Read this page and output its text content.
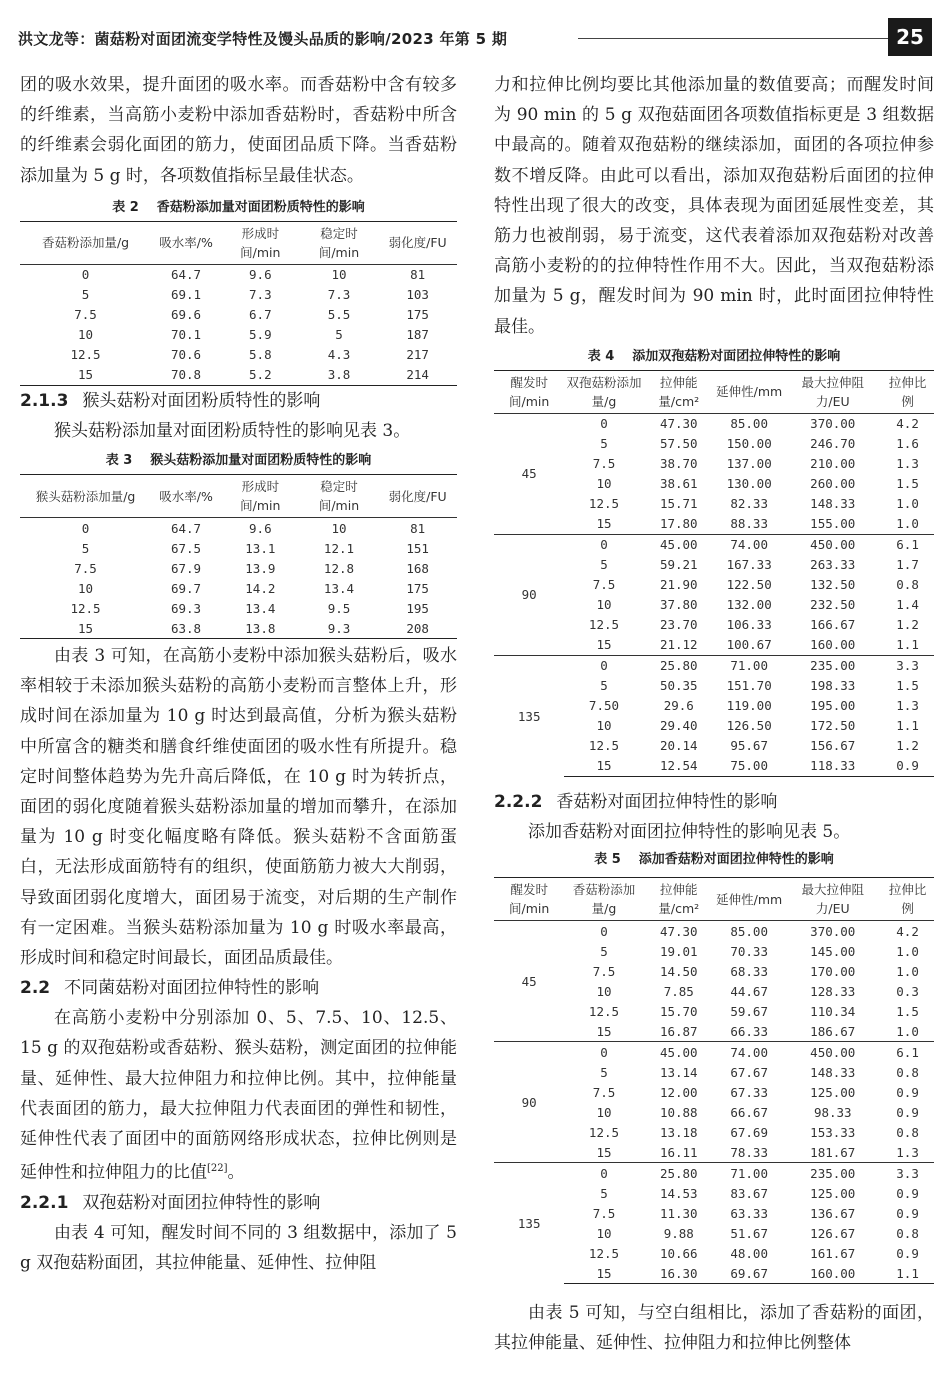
洪文龙等：菌菇粉对面团流变学特性及馒头品质的影响/2023 年第 5 期	25

团的吸水效果，提升面团的吸水率。而香菇粉中含有较多的纤维素，当高筋小麦粉中添加香菇粉时，香菇粉中所含的纤维素会弱化面团的筋力，使面团品质下降。当香菇粉添加量为 5 g 时，各项数值指标呈最佳状态。

表 2 香菇粉添加量对面团粉质特性的影响

香菇粉添加量/g	吸水率/%	形成时间/min	稳定时间/min	弱化度/FU
0	64.7	9.6	10	81
5	69.1	7.3	7.3	103
7.5	69.6	6.7	5.5	175
10	70.1	5.9	5	187
12.5	70.6	5.8	4.3	217
15	70.8	5.2	3.8	214

2.1.3 猴头菇粉对面团粉质特性的影响

猴头菇粉添加量对面团粉质特性的影响见表 3。

表 3 猴头菇粉添加量对面团粉质特性的影响

猴头菇粉添加量/g	吸水率/%	形成时间/min	稳定时间/min	弱化度/FU
0	64.7	9.6	10	81
5	67.5	13.1	12.1	151
7.5	67.9	13.9	12.8	168
10	69.7	14.2	13.4	175
12.5	69.3	13.4	9.5	195
15	63.8	13.8	9.3	208

由表 3 可知，在高筋小麦粉中添加猴头菇粉后，吸水率相较于未添加猴头菇粉的高筋小麦粉而言整体上升，形成时间在添加量为 10 g 时达到最高值，分析为猴头菇粉中所富含的糖类和膳食纤维使面团的吸水性有所提升。稳定时间整体趋势为先升高后降低，在 10 g 时为转折点，面团的弱化度随着猴头菇粉添加量的增加而攀升，在添加量为 10 g 时变化幅度略有降低。猴头菇粉不含面筋蛋白，无法形成面筋特有的组织，使面筋筋力被大大削弱，导致面团弱化度增大，面团易于流变，对后期的生产制作有一定困难。当猴头菇粉添加量为 10 g 时吸水率最高，形成时间和稳定时间最长，面团品质最佳。

2.2 不同菌菇粉对面团拉伸特性的影响

在高筋小麦粉中分别添加 0、5、7.5、10、12.5、15 g 的双孢菇粉或香菇粉、猴头菇粉，测定面团的拉伸能量、延伸性、最大拉伸阻力和拉伸比例。其中，拉伸能量代表面团的筋力，最大拉伸阻力代表面团的弹性和韧性，延伸性代表了面团中的面筋网络形成状态，拉伸比例则是延伸性和拉伸阻力的比值[22]。

2.2.1 双孢菇粉对面团拉伸特性的影响

由表 4 可知，醒发时间不同的 3 组数据中，添加了 5 g 双孢菇粉面团，其拉伸能量、延伸性、拉伸阻

力和拉伸比例均要比其他添加量的数值要高；而醒发时间为 90 min 的 5 g 双孢菇面团各项数值指标更是 3 组数据中最高的。随着双孢菇粉的继续添加，面团的各项拉伸参数不增反降。由此可以看出，添加双孢菇粉后面团的拉伸特性出现了很大的改变，具体表现为面团延展性变差，其筋力也被削弱，易于流变，这代表着添加双孢菇粉对改善高筋小麦粉的的拉伸特性作用不大。因此，当双孢菇粉添加量为 5 g，醒发时间为 90 min 时，此时面团拉伸特性最佳。

表 4 添加双孢菇粉对面团拉伸特性的影响

醒发时间/min	双孢菇粉添加量/g	拉伸能量/cm²	延伸性/mm	最大拉伸阻力/EU	拉伸比例
45	0	47.30	85.00	370.00	4.2
	5	57.50	150.00	246.70	1.6
	7.5	38.70	137.00	210.00	1.3
	10	38.61	130.00	260.00	1.5
	12.5	15.71	82.33	148.33	1.0
	15	17.80	88.33	155.00	1.0
90	0	45.00	74.00	450.00	6.1
	5	59.21	167.33	263.33	1.7
	7.5	21.90	122.50	132.50	0.8
	10	37.80	132.00	232.50	1.4
	12.5	23.70	106.33	166.67	1.2
	15	21.12	100.67	160.00	1.1
135	0	25.80	71.00	235.00	3.3
	5	50.35	151.70	198.33	1.5
	7.50	29.6	119.00	195.00	1.3
	10	29.40	126.50	172.50	1.1
	12.5	20.14	95.67	156.67	1.2
	15	12.54	75.00	118.33	0.9

2.2.2 香菇粉对面团拉伸特性的影响

添加香菇粉对面团拉伸特性的影响见表 5。

表 5 添加香菇粉对面团拉伸特性的影响

醒发时间/min	香菇粉添加量/g	拉伸能量/cm²	延伸性/mm	最大拉伸阻力/EU	拉伸比例
45	0	47.30	85.00	370.00	4.2
	5	19.01	70.33	145.00	1.0
	7.5	14.50	68.33	170.00	1.0
	10	7.85	44.67	128.33	0.3
	12.5	15.70	59.67	110.34	1.5
	15	16.87	66.33	186.67	1.0
90	0	45.00	74.00	450.00	6.1
	5	13.14	67.67	148.33	0.8
	7.5	12.00	67.33	125.00	0.9
	10	10.88	66.67	98.33	0.9
	12.5	13.18	67.69	153.33	0.8
	15	16.11	78.33	181.67	1.3
135	0	25.80	71.00	235.00	3.3
	5	14.53	83.67	125.00	0.9
	7.5	11.30	63.33	136.67	0.9
	10	9.88	51.67	126.67	0.8
	12.5	10.66	48.00	161.67	0.9
	15	16.30	69.67	160.00	1.1

由表 5 可知，与空白组相比，添加了香菇粉的面团，其拉伸能量、延伸性、拉伸阻力和拉伸比例整体
